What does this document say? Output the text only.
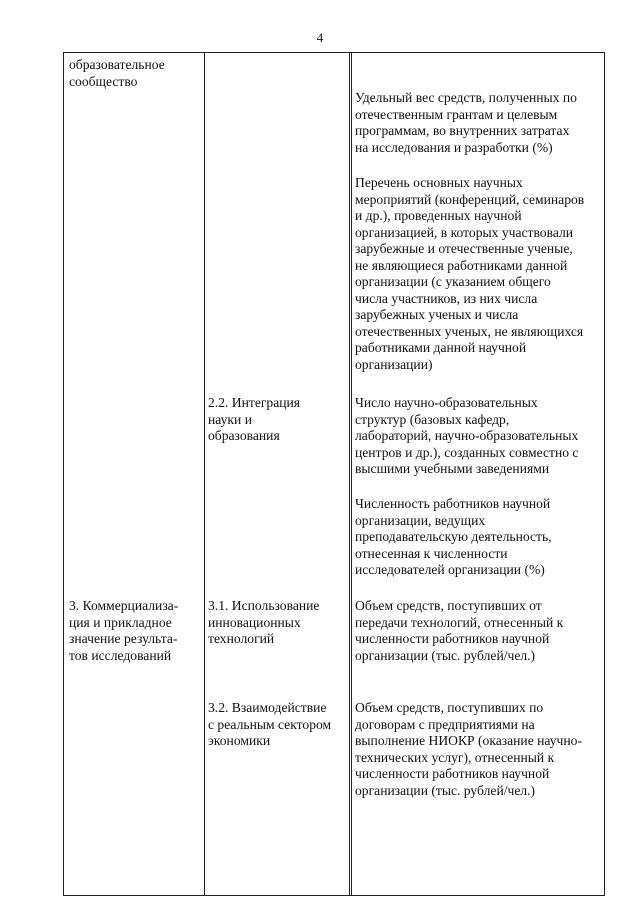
4
образовательное
сообщество
Удельный вес средств, полученных по
отечественным грантам и целевым
программам, во внутренних затратах
на исследования и разработки (%)
Перечень основных научных
мероприятий (конференций, семинаров
и др.), проведенных научной
организацией, в которых участвовали
зарубежные и отечественные ученые,
не являющиеся работниками данной
организации (с указанием общего
числа участников, из них числа
зарубежных ученых и числа
отечественных ученых, не являющихся
работниками данной научной
организации)
2.2. Интеграция
науки и
образования
Число научно-образовательных
структур (базовых кафедр,
лабораторий, научно-образовательных
центров и др.), созданных совместно с
высшими учебными заведениями
Численность работников научной
организации, ведущих
преподавательскую деятельность,
отнесенная к численности
исследователей организации (%)
3. Коммерциализа-
ция и прикладное
значение результа-
тов исследований
3.1. Использование
инновационных
технологий
Объем средств, поступивших от
передачи технологий, отнесенный к
численности работников научной
организации (тыс. рублей/чел.)
3.2. Взаимодействие
с реальным сектором
экономики
Объем средств, поступивших по
договорам с предприятиями на
выполнение НИОКР (оказание научно-
технических услуг), отнесенный к
численности работников научной
организации (тыс. рублей/чел.)
